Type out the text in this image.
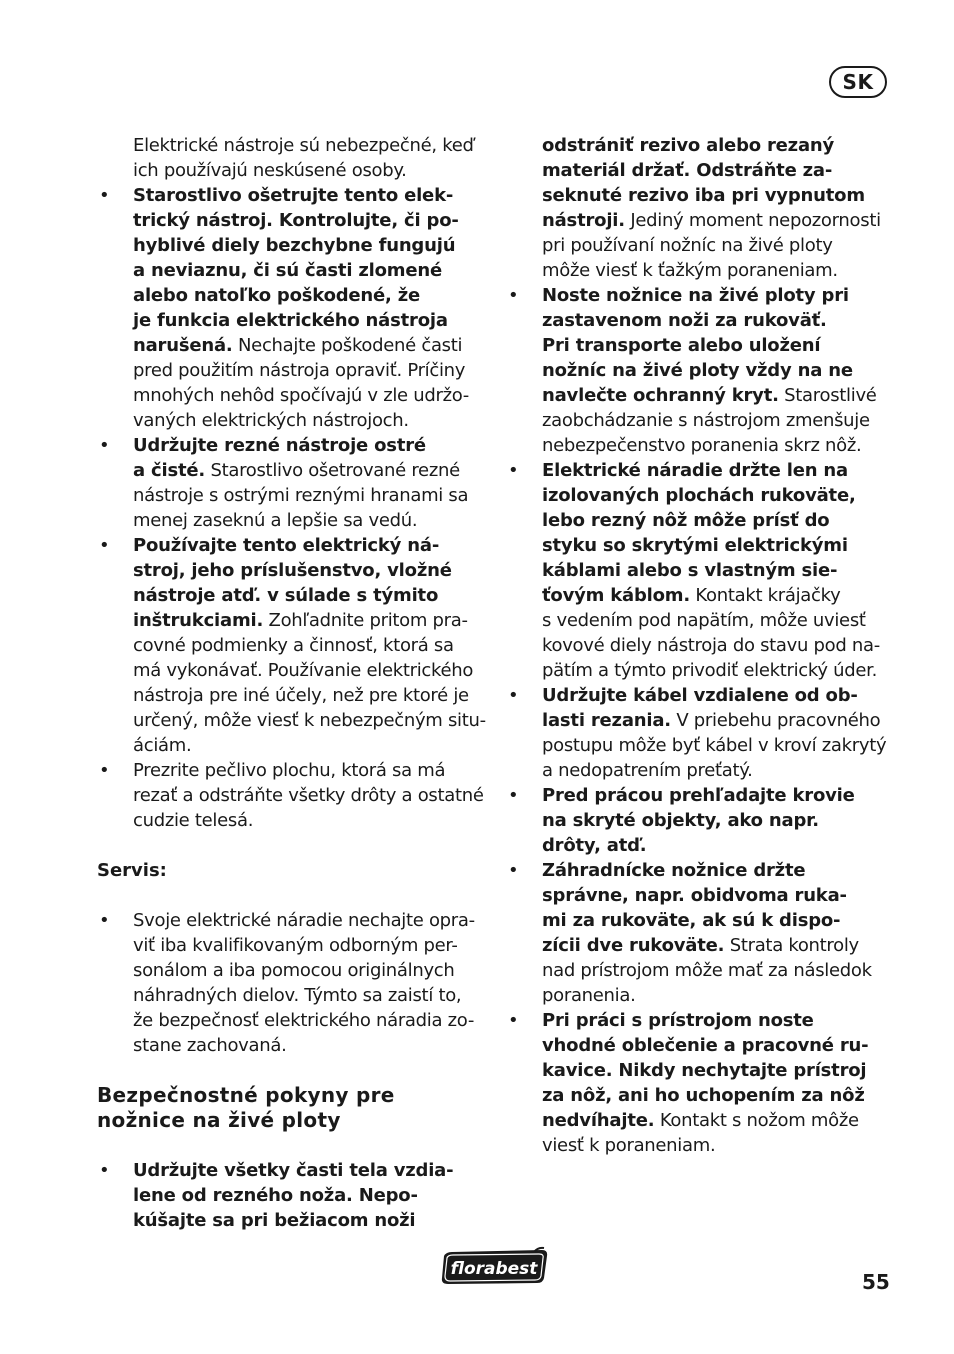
SK
Elektrické nástroje sú nebezpečné, keď
ich používajú neskúsené osoby.
• Starostlivo ošetrujte tento elek-
trický nástroj. Kontrolujte, či po-
hyblivé diely bezchybne fungujú
a neviaznu, či sú časti zlomené
alebo natoľko poškodené, že
je funkcia elektrického nástroja
narušená. Nechajte poškodené časti
pred použitím nástroja opraviť. Príčiny
mnohých nehôd spočívajú v zle udržo-
vaných elektrických nástrojoch.
• Udržujte rezné nástroje ostré
a čisté. Starostlivo ošetrované rezné
nástroje s ostrými reznými hranami sa
menej zaseknú a lepšie sa vedú.
• Používajte tento elektrický ná-
stroj, jeho príslušenstvo, vložné
nástroje atď. v súlade s týmito
inštrukciami. Zohľadnite pritom pra-
covné podmienky a činnosť, ktorá sa
má vykonávať. Používanie elektrického
nástroja pre iné účely, než pre ktoré je
určený, môže viesť k nebezpečným situ-
áciám.
• Prezrite pečlivo plochu, ktorá sa má
rezať a odstráňte všetky drôty a ostatné
cudzie telesá.

Servis:

• Svoje elektrické náradie nechajte opra-
viť iba kvalifikovaným odborným per-
sonálom a iba pomocou originálnych
náhradných dielov. Týmto sa zaistí to,
že bezpečnosť elektrického náradia zo-
stane zachovaná.

Bezpečnostné pokyny pre

nožnice na živé ploty

• Udržujte všetky časti tela vzdia-
lene od rezného noža. Nepo-
kúšajte sa pri bežiacom noži
odstrániť rezivo alebo rezaný
materiál držať. Odstráňte za-
seknuté rezivo iba pri vypnutom
nástroji. Jediný moment nepozornosti
pri používaní nožníc na živé ploty
môže viesť k ťažkým poraneniam.
• Noste nožnice na živé ploty pri
zastavenom noži za rukoväť.
Pri transporte alebo uložení
nožníc na živé ploty vždy na ne
navlečte ochranný kryt. Starostlivé
zaobchádzanie s nástrojom zmenšuje
nebezpečenstvo poranenia skrz nôž.
• Elektrické náradie držte len na
izolovaných plochách rukoväte,
lebo rezný nôž môže prísť do
styku so skrytými elektrickými
káblami alebo s vlastným sie-
ťovým káblom. Kontakt krájačky
s vedením pod napätím, môže uviesť
kovové diely nástroja do stavu pod na-
pätím a týmto privodiť elektrický úder.
• Udržujte kábel vzdialene od ob-
lasti rezania. V priebehu pracovného
postupu môže byť kábel v kroví zakrytý
a nedopatrením preťatý.
• Pred prácou prehľadajte krovie
na skryté objekty, ako napr.
drôty, atď.
• Záhradnícke nožnice držte
správne, napr. obidvoma ruka-
mi za rukoväte, ak sú k dispo-
zícii dve rukoväte. Strata kontroly
nad prístrojom môže mať za následok
poranenia.
• Pri práci s prístrojom noste
vhodné oblečenie a pracovné ru-
kavice. Nikdy nechytajte prístroj
za nôž, ani ho uchopením za nôž
nedvíhajte. Kontakt s nožom môže
viesť k poraneniam.
florabest
55
